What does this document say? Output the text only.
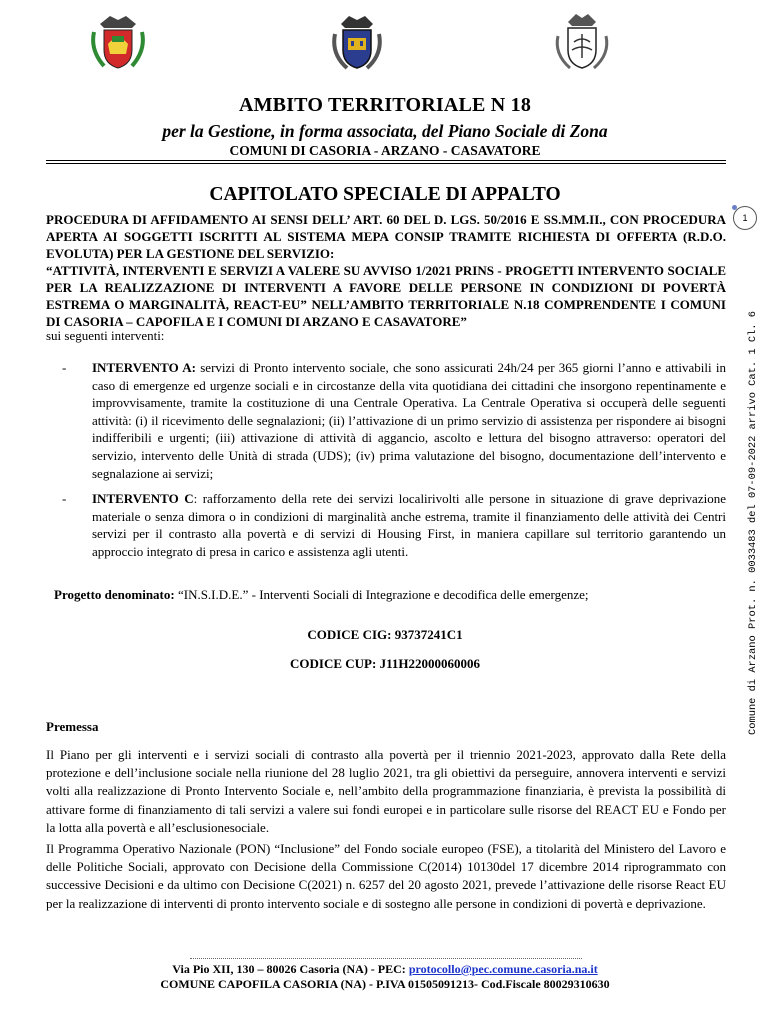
AMBITO TERRITORIALE N 18
per la Gestione, in forma associata, del Piano Sociale di Zona
COMUNI DI CASORIA - ARZANO - CASAVATORE
CAPITOLATO SPECIALE DI APPALTO

PROCEDURA DI AFFIDAMENTO AI SENSI DELL’ ART. 60 DEL D. LGS. 50/2016 E SS.MM.II., CON PROCEDURA APERTA AI SOGGETTI ISCRITTI AL SISTEMA MEPA CONSIP TRAMITE RICHIESTA DI OFFERTA (R.D.O. EVOLUTA) PER LA GESTIONE DEL SERVIZIO:

“ATTIVITÀ, INTERVENTI E SERVIZI A VALERE SU AVVISO 1/2021 PRINS - PROGETTI INTERVENTO SOCIALE PER LA REALIZZAZIONE DI INTERVENTI A FAVORE DELLE PERSONE IN CONDIZIONI DI POVERTÀ ESTREMA O MARGINALITÀ, REACT-EU” NELL’AMBITO TERRITORIALE N.18 COMPRENDENTE I COMUNI DI CASORIA – CAPOFILA E I COMUNI DI ARZANO E CASAVATORE”

sui seguenti interventi:
- INTERVENTO A: servizi di Pronto intervento sociale, che sono assicurati 24h/24 per 365 giorni l’anno e attivabili in caso di emergenze ed urgenze sociali e in circostanze della vita quotidiana dei cittadini che insorgono repentinamente e improvvisamente, tramite la costituzione di una Centrale Operativa. La Centrale Operativa si occuperà delle seguenti attività: (i) il ricevimento delle segnalazioni; (ii) l’attivazione di un primo servizio di assistenza per rispondere ai bisogni indifferibili e urgenti; (iii) attivazione di attività di aggancio, ascolto e lettura del bisogno attraverso: operatori del servizio, intervento delle Unità di strada (UDS); (iv) prima valutazione del bisogno, documentazione dell’intervento e segnalazione ai servizi;
- INTERVENTO C: rafforzamento della rete dei servizi localirivolti alle persone in situazione di grave deprivazione materiale o senza dimora o in condizioni di marginalità anche estrema, tramite il finanziamento delle attività dei Centri servizi per il contrasto alla povertà e di servizi di Housing First, in maniera capillare sul territorio garantendo un approccio integrato di presa in carico e assistenza agli utenti.
Progetto denominato: “IN.S.I.D.E.” - Interventi Sociali di Integrazione e decodifica delle emergenze;
CODICE CIG: 93737241C1
CODICE CUP: J11H22000060006
Premessa
Il Piano per gli interventi e i servizi sociali di contrasto alla povertà per il triennio 2021-2023, approvato dalla Rete della protezione e dell’inclusione sociale nella riunione del 28 luglio 2021, tra gli obiettivi da perseguire, annovera interventi e servizi volti alla realizzazione di Pronto Intervento Sociale e, nell’ambito della programmazione finanziaria, è prevista la possibilità di attivare forme di finanziamento di tali servizi a valere sui fondi europei e in particolare sulle risorse del REACT EU e Fondo per la lotta alla povertà e all’esclusionesociale.
Il Programma Operativo Nazionale (PON) “Inclusione” del Fondo sociale europeo (FSE), a titolarità del Ministero del Lavoro e delle Politiche Sociali, approvato con Decisione della Commissione C(2014) 10130del 17 dicembre 2014 riprogrammato con successive Decisioni e da ultimo con Decisione C(2021) n. 6257 del 20 agosto 2021, prevede l’attivazione delle risorse React EU per la realizzazione di interventi di pronto intervento sociale e di sostegno alle persone in condizioni di povertà e deprivazione.
Via Pio XII, 130 – 80026 Casoria (NA) - PEC: protocollo@pec.comune.casoria.na.it
COMUNE CAPOFILA CASORIA (NA) - P.IVA 01505091213- Cod.Fiscale 80029310630
1
Comune di Arzano Prot. n. 0033483 del 07-09-2022 arrivo Cat. 1 Cl. 6
